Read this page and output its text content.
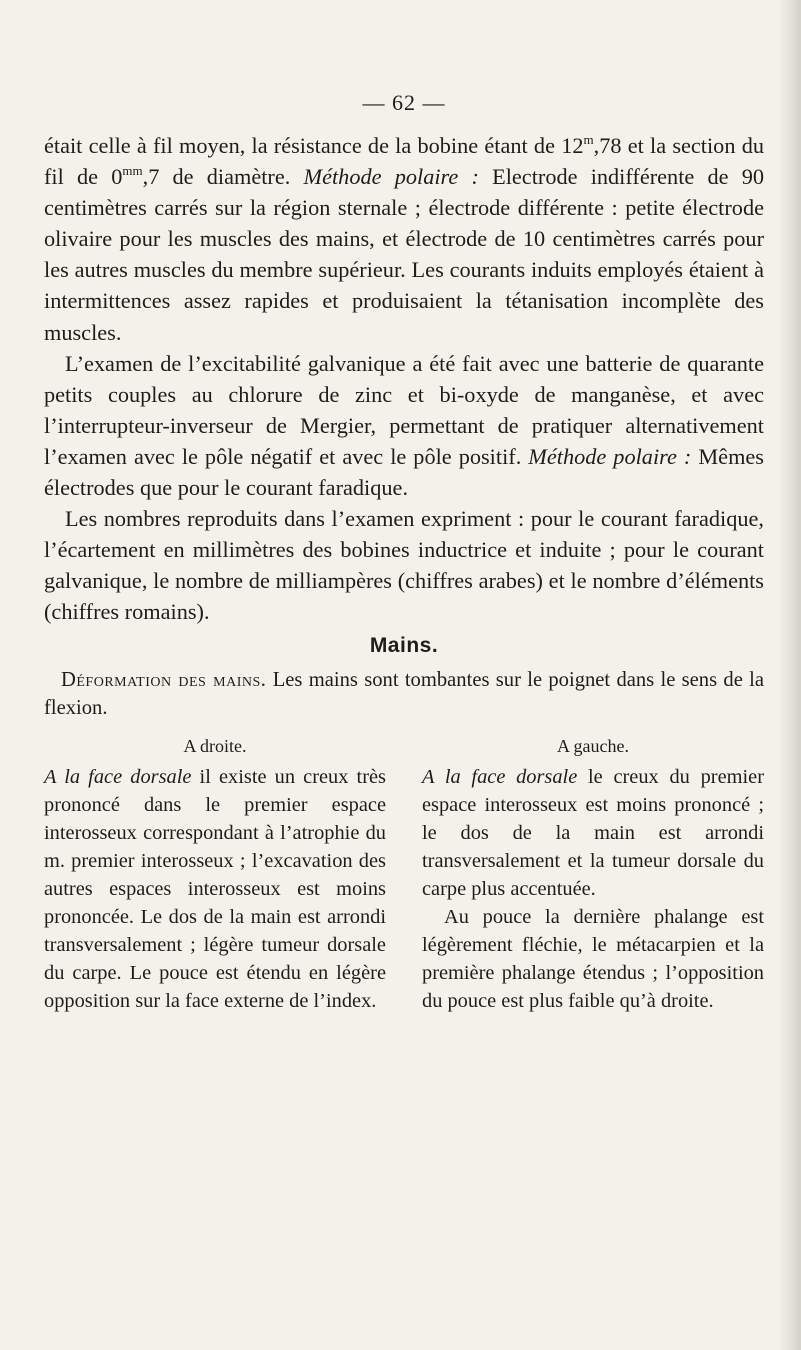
— 62 —

était celle à fil moyen, la résistance de la bobine étant de 12$^m$,78 et la section du fil de $0^{mm},7$ de diamètre. Méthode polaire : Electrode indifférente de 90 centimètres carrés sur la région sternale ; électrode différente : petite électrode olivaire pour les muscles des mains, et électrode de 10 centimètres carrés pour les autres muscles du membre supérieur. Les courants induits employés étaient à intermittences assez rapides et produisaient la tétanisation incomplète des muscles.

L’examen de l’excitabilité galvanique a été fait avec une batterie de quarante petits couples au chlorure de zinc et bi-oxyde de manganèse, et avec l’interrupteur-inverseur de Mergier, permettant de pratiquer alternativement l’examen avec le pôle négatif et avec le pôle positif. Méthode polaire : Mêmes électrodes que pour le courant faradique.

Les nombres reproduits dans l’examen expriment : pour le courant faradique, l’écartement en millimètres des bobines inductrice et induite ; pour le courant galvanique, le nombre de milliampères (chiffres arabes) et le nombre d’éléments (chiffres romains).

Mains.

Déformation des mains. Les mains sont tombantes sur le poignet dans le sens de la flexion.

A droite.

A la face dorsale il existe un creux très prononcé dans le premier espace interosseux correspondant à l’atrophie du m. premier interosseux ; l’excavation des autres espaces interosseux est moins prononcée. Le dos de la main est arrondi transversalement ; légère tumeur dorsale du carpe. Le pouce est étendu en légère opposition sur la face externe de l’index.

A gauche.

A la face dorsale le creux du premier espace interosseux est moins prononcé ; le dos de la main est arrondi transversalement et la tumeur dorsale du carpe plus accentuée.

Au pouce la dernière phalange est légèrement fléchie, le métacarpien et la première phalange étendus ; l’opposition du pouce est plus faible qu’à droite.
